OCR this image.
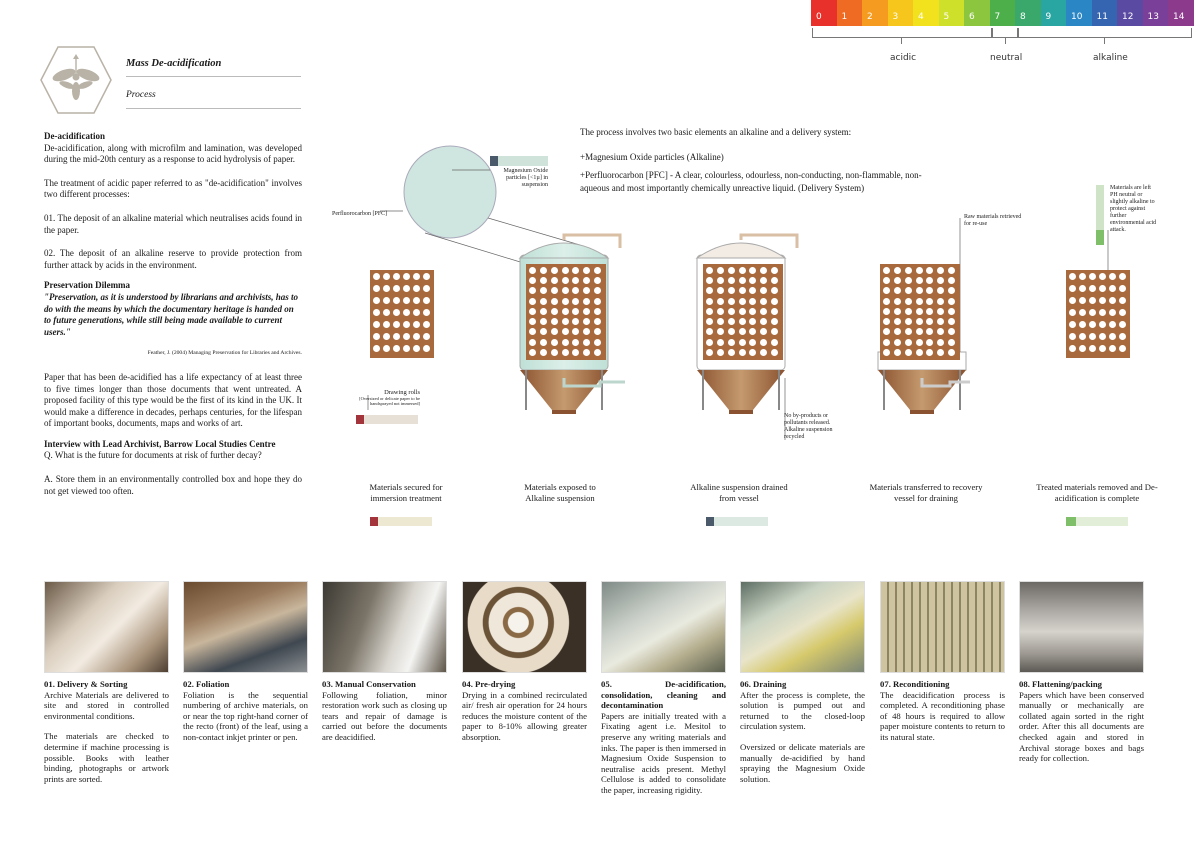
0	1	2	3	4	5	6	7	8	9	10	11	12	13	14
acidic	neutral	alkaline
Mass De-acidification
Process

De-acidification

De-acidification, along with microfilm and lamination, was developed during the mid-20th century as a response to acid hydrolysis of paper.

The treatment of acidic paper referred to as "de-acidification" involves two different processes:

01. The deposit of an alkaline material which neutralises acids found in the paper.

02. The deposit of an alkaline reserve to provide protection from further attack by acids in the environment.

Preservation Dilemma

"Preservation, as it is understood by librarians and archivists, has to do with the means by which the documentary heritage is handed on to future generations, while still being made available to current users."

Feather, J. (2004) Managing Preservation for Libraries and Archives.

Paper that has been de-acidified has a life expectancy of at least three to five times longer than those documents that went untreated. A proposed facility of this type would be the first of its kind in the UK. It would make a difference in decades, perhaps centuries, for the lifespan of important books, documents, maps and works of art.

Interview with Lead Archivist, Barrow Local Studies Centre

Q. What is the future for documents at risk of further decay?

A. Store them in an environmentally controlled box and hope they do not get viewed too often.

The process involves two basic elements an alkaline and a delivery system:

+Magnesium Oxide particles (Alkaline)

+Perfluorocarbon [PFC] - A clear, colourless, odourless, non-conducting, non-flammable, non-aqueous and most importantly chemically unreactive liquid. (Delivery System)

Perfluorocarbon [PFC]
Magnesium Oxide particles [<1µ] in suspension
Drawing rolls
[Oversized or delicate paper to be handsprayed not immersed]
No by-products or pollutants released. Alkaline suspension recycled
Raw materials retrieved for re-use
Materials are left PH neutral or slightly alkaline to protect against further environmental acid attack.
Materials secured for immersion treatment
Materials exposed to Alkaline suspension
Alkaline suspension drained from vessel
Materials transferred to recovery vessel for draining
Treated materials removed and De-acidification is complete

01. Delivery & Sorting

Archive Materials are delivered to site and stored in controlled environmental conditions.

The materials are checked to determine if machine processing is possible. Books with leather binding, photographs or artwork prints are sorted.

02. Foliation

Foliation is the sequential numbering of archive materials, on or near the top right-hand corner of the recto (front) of the leaf, using a non-contact inkjet printer or pen.

03. Manual Conservation

Following foliation, minor restoration work such as closing up tears and repair of damage is carried out before the documents are deacidified.

04. Pre-drying

Drying in a combined recirculated air/ fresh air operation for 24 hours reduces the moisture content of the paper to 8-10% allowing greater absorption.

05. De-acidification, consolidation, cleaning and decontamination

Papers are initially treated with a Fixating agent i.e. Mesitol to preserve any writing materials and inks. The paper is then immersed in Magnesium Oxide Suspension to neutralise acids present. Methyl Cellulose is added to consolidate the paper, increasing rigidity.

06. Draining

After the process is complete, the solution is pumped out and returned to the closed-loop circulation system.

Oversized or delicate materials are manually de-acidified by hand spraying the Magnesium Oxide solution.

07. Reconditioning

The deacidification process is completed. A reconditioning phase of 48 hours is required to allow paper moisture contents to return to its natural state.

08. Flattening/packing

Papers which have been conserved manually or mechanically are collated again sorted in the right order. After this all documents are checked again and stored in Archival storage boxes and bags ready for collection.
